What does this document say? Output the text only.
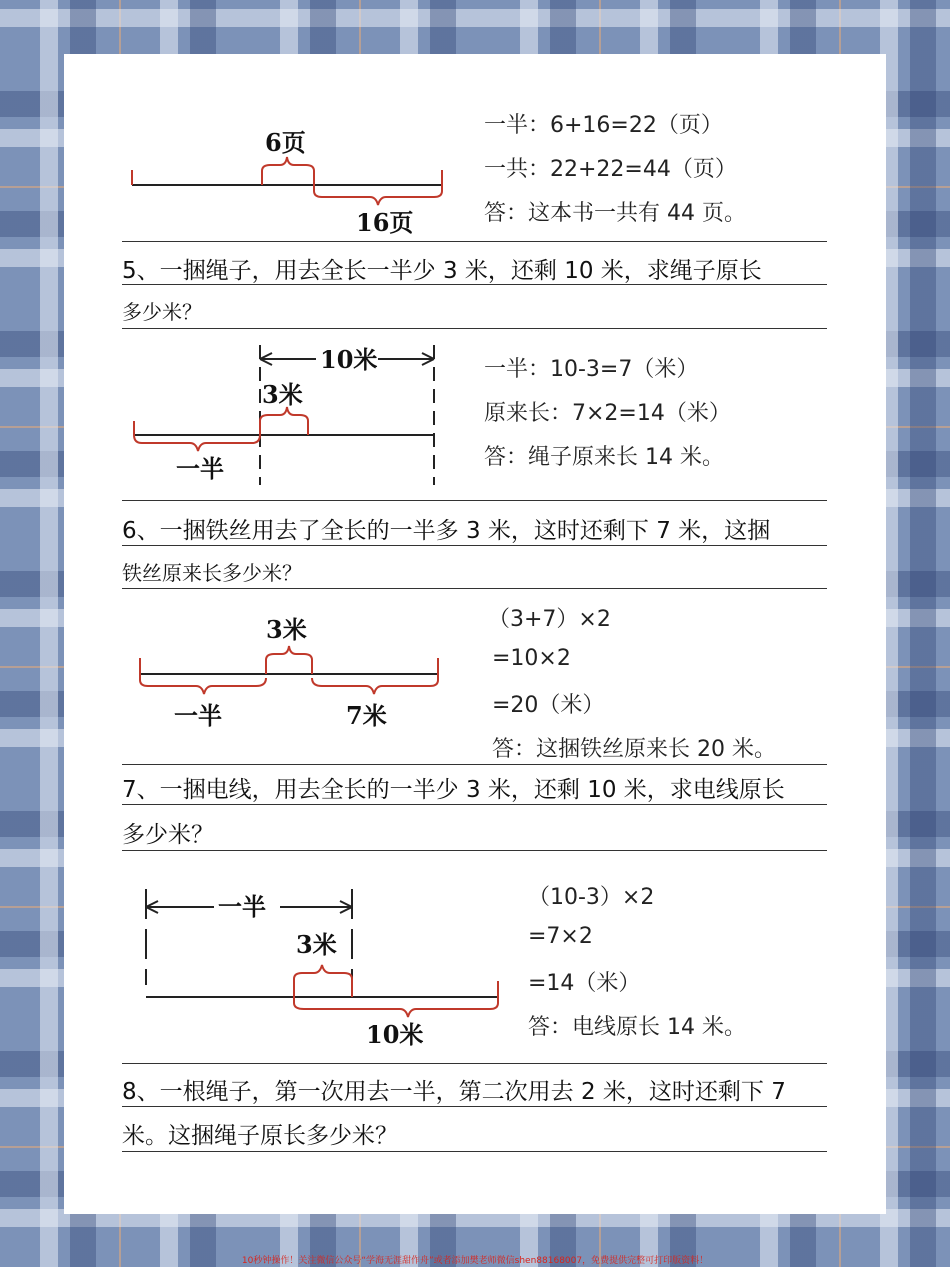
6页
16页
一半：6+16=22（页）
一共：22+22=44（页）
答：这本书一共有 44 页。
5、一捆绳子，用去全长一半少 3 米，还剩 10 米，求绳子原长
多少米？
10米
3米
一半
一半：10-3=7（米）
原来长：7×2=14（米）
答：绳子原来长 14 米。
6、一捆铁丝用去了全长的一半多 3 米，这时还剩下 7 米，这捆
铁丝原来长多少米？
3米
一半	7米
（3+7）×2
=10×2
=20（米）
答：这捆铁丝原来长 20 米。
7、一捆电线，用去全长的一半少 3 米，还剩 10 米，求电线原长
多少米？
一半
3米
10米
（10-3）×2
=7×2
=14（米）
答：电线原长 14 米。
8、一根绳子，第一次用去一半，第二次用去 2 米，这时还剩下 7
米。这捆绳子原长多少米？
10秒钟操作！关注微信公众号“学海无涯甜作舟”或者添加樊老师微信shen88168007，免费提供完整可打印版资料！
